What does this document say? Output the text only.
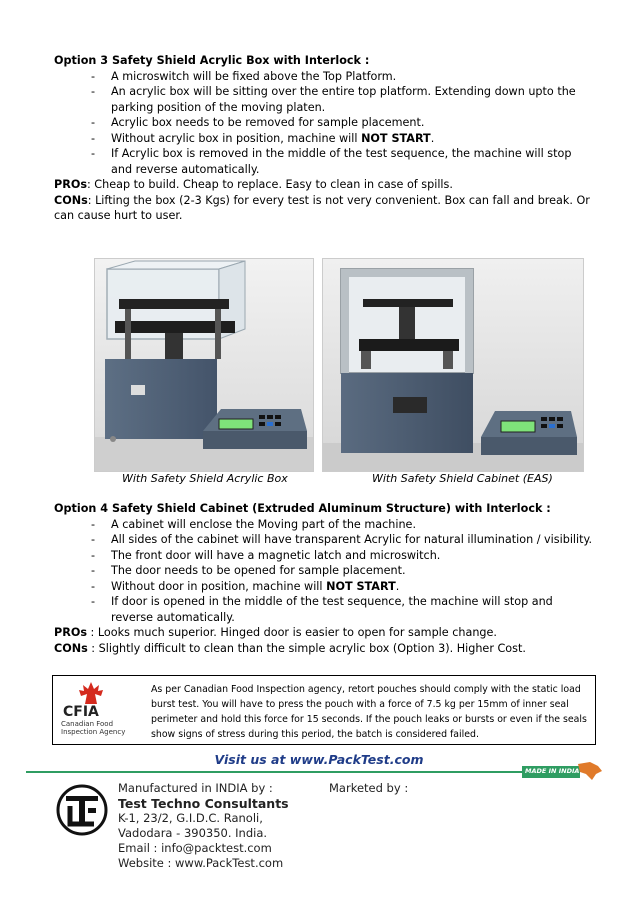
Option 3 Safety Shield Acrylic Box with Interlock :
- A microswitch will be fixed above the Top Platform.
- An acrylic box will be sitting over the entire top platform. Extending down upto the parking position of the moving platen.
- Acrylic box needs to be removed for sample placement.
- Without acrylic box in position, machine will NOT START.
- If Acrylic box is removed in the middle of the test sequence, the machine will stop and reverse automatically.
PROs: Cheap to build. Cheap to replace. Easy to clean in case of spills.
CONs: Lifting the box (2-3 Kgs) for every test is not very convenient. Box can fall and break. Or can cause hurt to user.
With Safety Shield Acrylic Box	With Safety Shield Cabinet (EAS)
Option 4 Safety Shield Cabinet (Extruded Aluminum Structure) with Interlock :
- A cabinet will enclose the Moving part of the machine.
- All sides of the cabinet will have transparent Acrylic for natural illumination / visibility.
- The front door will have a magnetic latch and microswitch.
- The door needs to be opened for sample placement.
- Without door in position, machine will NOT START.
- If door is opened in the middle of the test sequence, the machine will stop and reverse automatically.
PROs : Looks much superior. Hinged door is easier to open for sample change.
CONs : Slightly difficult to clean than the simple acrylic box (Option 3). Higher Cost.
CFIA
Canadian Food
Inspection Agency
As per Canadian Food Inspection agency, retort pouches should comply with the static load burst test. You will have to press the pouch with a force of 7.5 kg per 15mm of inner seal perimeter and hold this force for 15 seconds. If the pouch leaks or bursts or even if the seals show signs of stress during this period, the batch is considered failed.
Visit us at www.PackTest.com
MADE IN INDIA
Manufactured in INDIA by :
Test Techno Consultants
K-1, 23/2, G.I.D.C. Ranoli,
Vadodara - 390350. India.
Email : info@packtest.com
Website : www.PackTest.com
Marketed by :
